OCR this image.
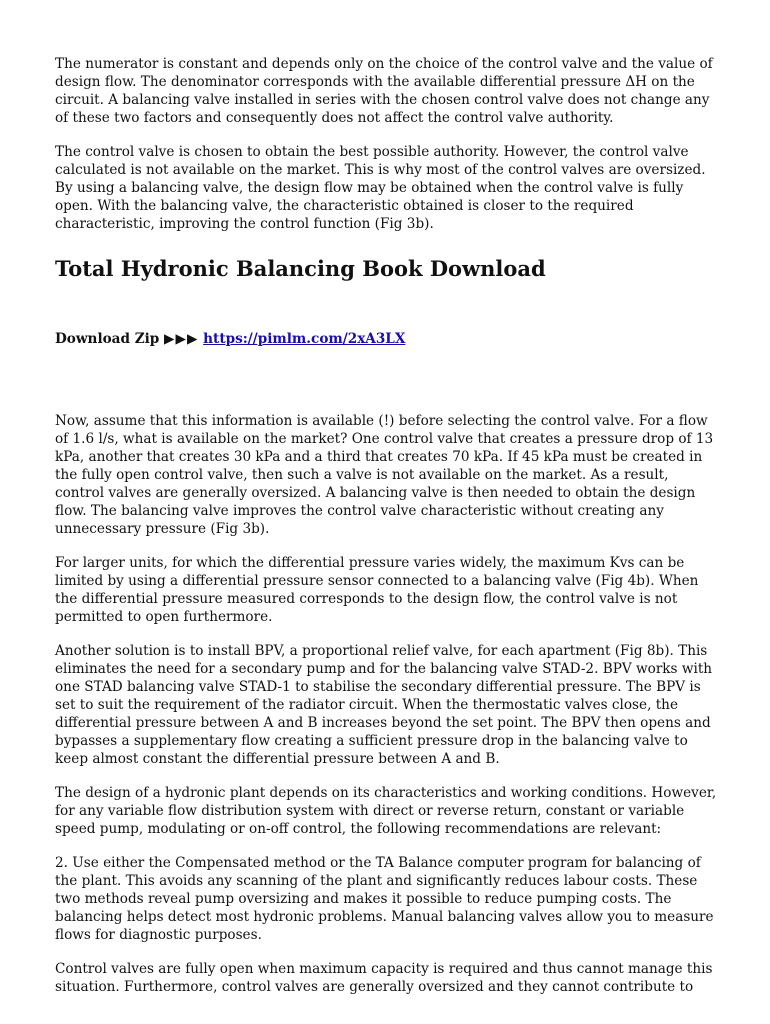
The numerator is constant and depends only on the choice of the control valve and the value of design flow. The denominator corresponds with the available differential pressure ΔH on the circuit. A balancing valve installed in series with the chosen control valve does not change any of these two factors and consequently does not affect the control valve authority.

The control valve is chosen to obtain the best possible authority. However, the control valve calculated is not available on the market. This is why most of the control valves are oversized. By using a balancing valve, the design flow may be obtained when the control valve is fully open. With the balancing valve, the characteristic obtained is closer to the required characteristic, improving the control function (Fig 3b).

Total Hydronic Balancing Book Download
Download Zip ▶▶▶ https://pimlm.com/2xA3LX

Now, assume that this information is available (!) before selecting the control valve. For a flow of 1.6 l/s, what is available on the market? One control valve that creates a pressure drop of 13 kPa, another that creates 30 kPa and a third that creates 70 kPa. If 45 kPa must be created in the fully open control valve, then such a valve is not available on the market. As a result, control valves are generally oversized. A balancing valve is then needed to obtain the design flow. The balancing valve improves the control valve characteristic without creating any unnecessary pressure (Fig 3b).

For larger units, for which the differential pressure varies widely, the maximum Kvs can be limited by using a differential pressure sensor connected to a balancing valve (Fig 4b). When the differential pressure measured corresponds to the design flow, the control valve is not permitted to open furthermore.

Another solution is to install BPV, a proportional relief valve, for each apartment (Fig 8b). This eliminates the need for a secondary pump and for the balancing valve STAD-2. BPV works with one STAD balancing valve STAD-1 to stabilise the secondary differential pressure. The BPV is set to suit the requirement of the radiator circuit. When the thermostatic valves close, the differential pressure between A and B increases beyond the set point. The BPV then opens and bypasses a supplementary flow creating a sufficient pressure drop in the balancing valve to keep almost constant the differential pressure between A and B.

The design of a hydronic plant depends on its characteristics and working conditions. However, for any variable flow distribution system with direct or reverse return, constant or variable speed pump, modulating or on-off control, the following recommendations are relevant:

2. Use either the Compensated method or the TA Balance computer program for balancing of the plant. This avoids any scanning of the plant and significantly reduces labour costs. These two methods reveal pump oversizing and makes it possible to reduce pumping costs. The balancing helps detect most hydronic problems. Manual balancing valves allow you to measure flows for diagnostic purposes.

Control valves are fully open when maximum capacity is required and thus cannot manage this situation. Furthermore, control valves are generally oversized and they cannot contribute to
